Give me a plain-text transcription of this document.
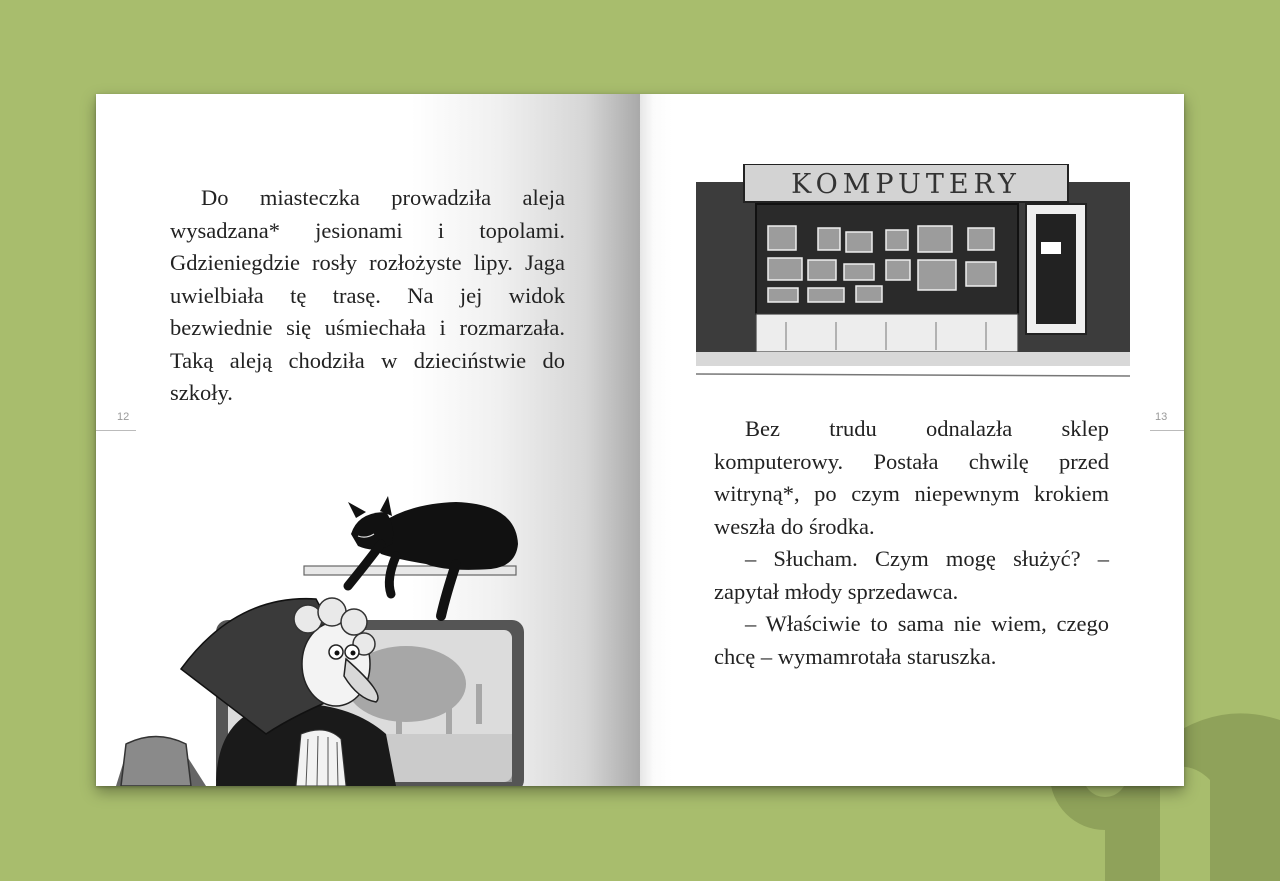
Do miasteczka prowadziła aleja wysadzana* jesionami i topolami. Gdzieniegdzie rosły rozłożyste lipy. Jaga uwielbiała tę trasę. Na jej widok bezwiednie się uśmiechała i rozmarzała. Taką aleją chodziła w dzieciństwie do szkoły.

12
KOMPUTERY

Bez trudu odnalazła sklep komputerowy. Postała chwilę przed witryną*, po czym niepewnym krokiem weszła do środka.

– Słucham. Czym mogę służyć? – zapytał młody sprzedawca.

– Właściwie to sama nie wiem, czego chcę – wymamrotała staruszka.

13
